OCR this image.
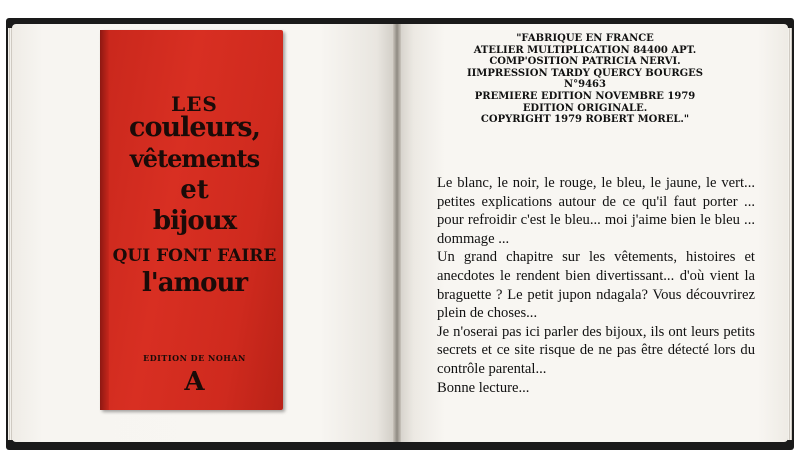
LES
couleurs,
vêtements
et
bijoux
QUI FONT FAIRE
l'amour
EDITION DE NOHAN
A
"FABRIQUE EN FRANCE
ATELIER MULTIPLICATION 84400 APT.
COMP'OSITION PATRICIA NERVI.
IIMPRESSION TARDY QUERCY BOURGES
N°9463
PREMIERE EDITION NOVEMBRE 1979
EDITION ORIGINALE.
COPYRIGHT 1979 ROBERT MOREL."

Le blanc, le noir, le rouge, le bleu, le jaune, le vert... petites explications autour de ce qu'il faut porter ... pour refroidir c'est le bleu... moi j'aime bien le bleu ... dommage ...

Un grand chapitre sur les vêtements, histoires et anecdotes le rendent bien divertissant... d'où vient la braguette ? Le petit jupon ndagala? Vous découvrirez plein de choses...

Je n'oserai pas ici parler des bijoux, ils ont leurs petits secrets et ce site risque de ne pas être détecté lors du contrôle parental...

Bonne lecture...
